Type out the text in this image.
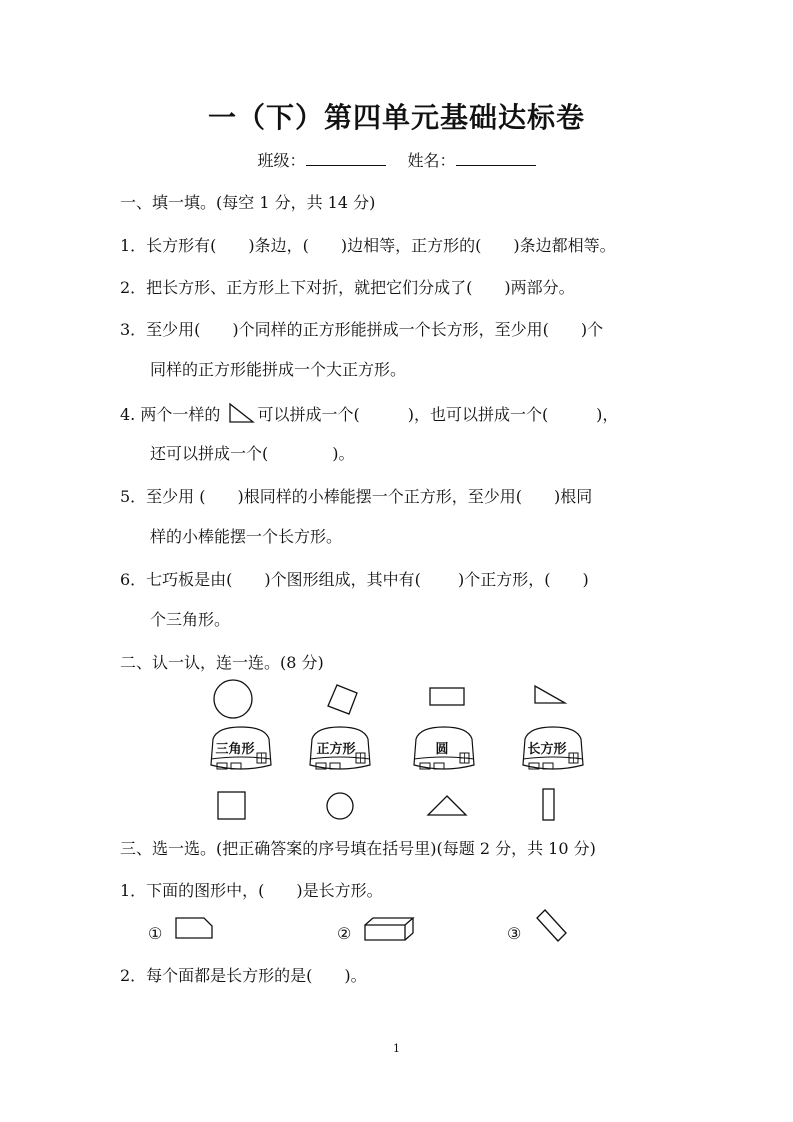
一（下）第四单元基础达标卷
班级：	姓名：
一、填一填。(每空 1 分，共 14 分)
1．长方形有(　　)条边，(　　)边相等，正方形的(　　)条边都相等。
2．把长方形、正方形上下对折，就把它们分成了(　　)两部分。
3．至少用(　　)个同样的正方形能拼成一个长方形，至少用(　　)个
同样的正方形能拼成一个大正方形。
4. 两个一样的 可以拼成一个(　　　)，也可以拼成一个(　　　)，
还可以拼成一个(　　　　)。
5．至少用 (　　)根同样的小棒能摆一个正方形，至少用(　　)根同
样的小棒能摆一个长方形。
6．七巧板是由(　　)个图形组成，其中有(　　 )个正方形，(　　)
个三角形。
二、认一认，连一连。(8 分)
三角形	正方形	圆	长方形
三、选一选。(把正确答案的序号填在括号里)(每题 2 分，共 10 分)
1．下面的图形中，(　　)是长方形。
①	②	③
2．每个面都是长方形的是(　　)。
1
